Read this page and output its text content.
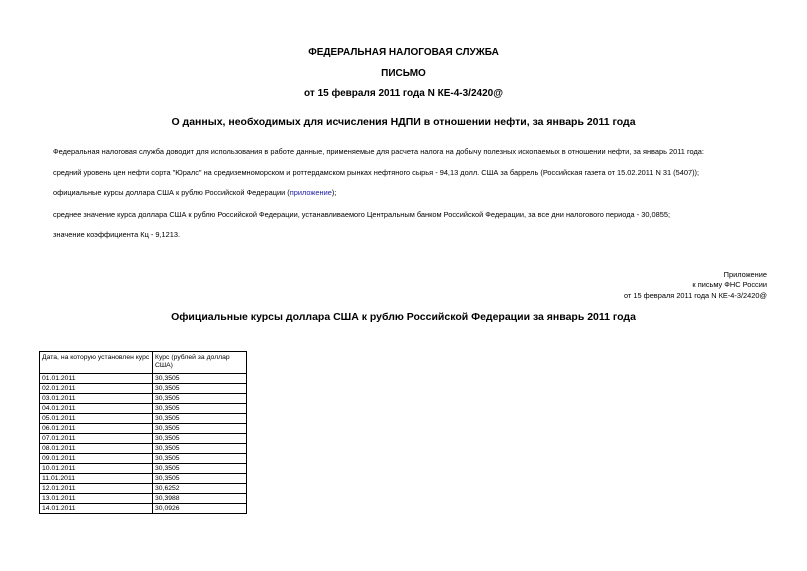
ФЕДЕРАЛЬНАЯ НАЛОГОВАЯ СЛУЖБА
ПИСЬМО
от 15 февраля 2011 года N КЕ-4-3/2420@
О данных, необходимых для исчисления НДПИ в отношении нефти, за январь 2011 года
Федеральная налоговая служба доводит для использования в работе данные, применяемые для расчета налога на добычу полезных ископаемых в отношении нефти, за январь 2011 года:
средний уровень цен нефти сорта "Юралс" на средиземноморском и роттердамском рынках нефтяного сырья - 94,13 долл. США за баррель (Российская газета от 15.02.2011 N 31 (5407));
официальные курсы доллара США к рублю Российской Федерации (приложение);
среднее значение курса доллара США к рублю Российской Федерации, устанавливаемого Центральным банком Российской Федерации, за все дни налогового периода - 30,0855;
значение коэффициента Кц - 9,1213.
Приложение
к письму ФНС России
от 15 февраля 2011 года N КЕ-4-3/2420@
Официальные курсы доллара США к рублю Российской Федерации за январь 2011 года
Дата, на которую установлен курс	Курс (рублей за доллар США)
01.01.2011	30,3505
02.01.2011	30,3505
03.01.2011	30,3505
04.01.2011	30,3505
05.01.2011	30,3505
06.01.2011	30,3505
07.01.2011	30,3505
08.01.2011	30,3505
09.01.2011	30,3505
10.01.2011	30,3505
11.01.2011	30,3505
12.01.2011	30,6252
13.01.2011	30,3988
14.01.2011	30,0926
